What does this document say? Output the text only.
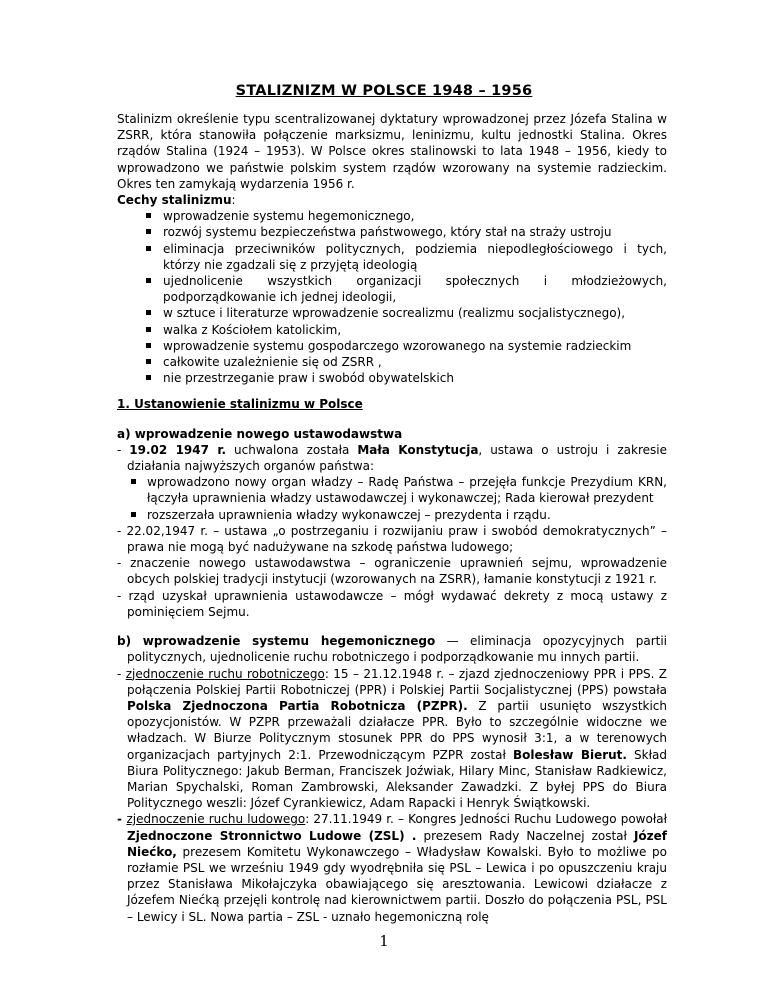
STALIZNIZM W POLSCE 1948 – 1956

Stalinizm określenie typu scentralizowanej dyktatury wprowadzonej przez Józefa Stalina w ZSRR, która stanowiła połączenie marksizmu, leninizmu, kultu jednostki Stalina. Okres rządów Stalina (1924 – 1953). W Polsce okres stalinowski to lata 1948 – 1956, kiedy to wprowadzono we państwie polskim system rządów wzorowany na systemie radzieckim. Okres ten zamykają wydarzenia 1956 r.

Cechy stalinizmu:
wprowadzenie systemu hegemonicznego,
rozwój systemu bezpieczeństwa państwowego, który stał na straży ustroju
eliminacja przeciwników politycznych, podziemia niepodległościowego i tych, którzy nie zgadzali się z przyjętą ideologią
ujednolicenie wszystkich organizacji społecznych i młodzieżowych, podporządkowanie ich jednej ideologii,
w sztuce i literaturze wprowadzenie socrealizmu (realizmu socjalistycznego),
walka z Kościołem katolickim,
wprowadzenie systemu gospodarczego wzorowanego na systemie radzieckim
całkowite uzależnienie się od ZSRR ,
nie przestrzeganie praw i swobód obywatelskich
1. Ustanowienie stalinizmu w Polsce
a) wprowadzenie nowego ustawodawstwa

- 19.02 1947 r. uchwalona została Mała Konstytucja, ustawa o ustroju i zakresie działania najwyższych organów państwa:

wprowadzono nowy organ władzy – Radę Państwa – przejęła funkcje Prezydium KRN, łączyła uprawnienia władzy ustawodawczej i wykonawczej; Rada kierował prezydent
rozszerzała uprawnienia władzy wykonawczej – prezydenta i rządu.

- 22.02,1947 r. – ustawa „o postrzeganiu i rozwijaniu praw i swobód demokratycznych” – prawa nie mogą być nadużywane na szkodę państwa ludowego;

- znaczenie nowego ustawodawstwa – ograniczenie uprawnień sejmu, wprowadzenie obcych polskiej tradycji instytucji (wzorowanych na ZSRR), łamanie konstytucji z 1921 r.

- rząd uzyskał uprawnienia ustawodawcze – mógł wydawać dekrety z mocą ustawy z pominięciem Sejmu.

b) wprowadzenie systemu hegemonicznego — eliminacja opozycyjnych partii politycznych, ujednolicenie ruchu robotniczego i podporządkowanie mu innych partii.

- zjednoczenie ruchu robotniczego: 15 – 21.12.1948 r. – zjazd zjednoczeniowy PPR i PPS. Z połączenia Polskiej Partii Robotniczej (PPR) i Polskiej Partii Socjalistycznej (PPS) powstała Polska Zjednoczona Partia Robotnicza (PZPR). Z partii usunięto wszystkich opozycjonistów. W PZPR przeważali działacze PPR. Było to szczególnie widoczne we władzach. W Biurze Politycznym stosunek PPR do PPS wynosił 3:1, a w terenowych organizacjach partyjnych 2:1. Przewodniczącym PZPR został Bolesław Bierut. Skład Biura Politycznego: Jakub Berman, Franciszek Joźwiak, Hilary Minc, Stanisław Radkiewicz, Marian Spychalski, Roman Zambrowski, Aleksander Zawadzki. Z byłej PPS do Biura Politycznego weszli: Józef Cyrankiewicz, Adam Rapacki i Henryk Świątkowski.

- zjednoczenie ruchu ludowego: 27.11.1949 r. – Kongres Jedności Ruchu Ludowego powołał Zjednoczone Stronnictwo Ludowe (ZSL) . prezesem Rady Naczelnej został Józef Niećko, prezesem Komitetu Wykonawczego – Władysław Kowalski. Było to możliwe po rozłamie PSL we wrześniu 1949 gdy wyodrębniła się PSL – Lewica i po opuszczeniu kraju przez Stanisława Mikołajczyka obawiającego się aresztowania. Lewicowi działacze z Józefem Niećką przejęli kontrolę nad kierownictwem partii. Doszło do połączenia PSL, PSL – Lewicy i SL. Nowa partia – ZSL - uznało hegemoniczną rolę

1
